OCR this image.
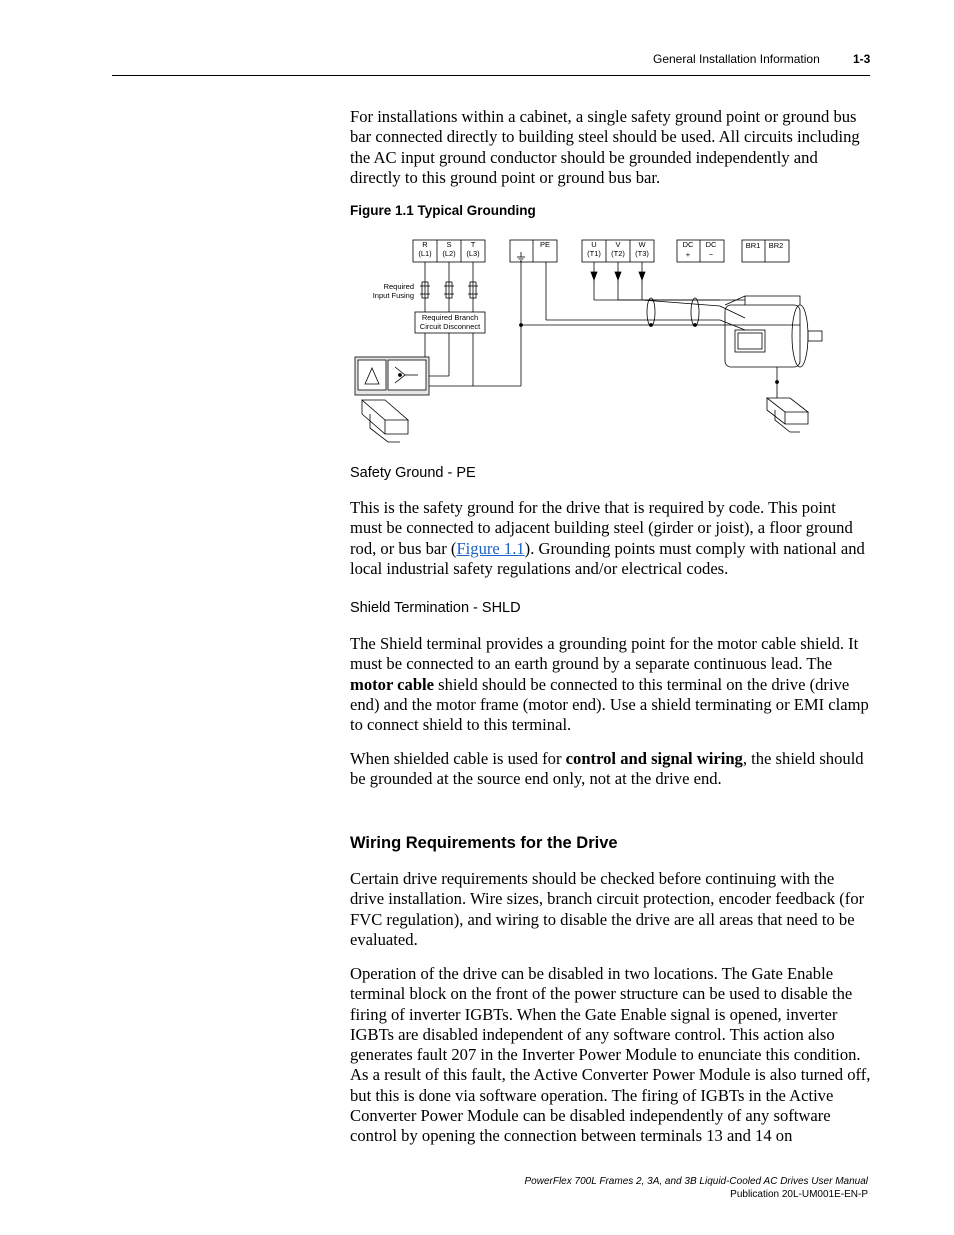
General Installation Information	1-3

For installations within a cabinet, a single safety ground point or ground bus bar connected directly to building steel should be used. All circuits including the AC input ground conductor should be grounded independently and directly to this ground point or ground bus bar.

Figure 1.1 Typical Grounding
R
(L1)
S
(L2)
T
(L3)
PE	U
(T1)
V
(T2)
W
(T3)
DC
+
DC
−
BR1 BR2
Required
Input Fusing
Required Branch
Circuit Disconnect
Safety Ground - PE

This is the safety ground for the drive that is required by code. This point must be connected to adjacent building steel (girder or joist), a floor ground rod, or bus bar (Figure 1.1). Grounding points must comply with national and local industrial safety regulations and/or electrical codes.

Shield Termination - SHLD

The Shield terminal provides a grounding point for the motor cable shield. It must be connected to an earth ground by a separate continuous lead. The motor cable shield should be connected to this terminal on the drive (drive end) and the motor frame (motor end). Use a shield terminating or EMI clamp to connect shield to this terminal.

When shielded cable is used for control and signal wiring, the shield should be grounded at the source end only, not at the drive end.

Wiring Requirements for the Drive

Certain drive requirements should be checked before continuing with the drive installation. Wire sizes, branch circuit protection, encoder feedback (for FVC regulation), and wiring to disable the drive are all areas that need to be evaluated.

Operation of the drive can be disabled in two locations. The Gate Enable terminal block on the front of the power structure can be used to disable the firing of inverter IGBTs. When the Gate Enable signal is opened, inverter IGBTs are disabled independent of any software control. This action also generates fault 207 in the Inverter Power Module to enunciate this condition. As a result of this fault, the Active Converter Power Module is also turned off, but this is done via software operation. The firing of IGBTs in the Active Converter Power Module can be disabled independently of any software control by opening the connection between terminals 13 and 14 on

PowerFlex 700L Frames 2, 3A, and 3B Liquid-Cooled AC Drives User Manual
Publication 20L-UM001E-EN-P
